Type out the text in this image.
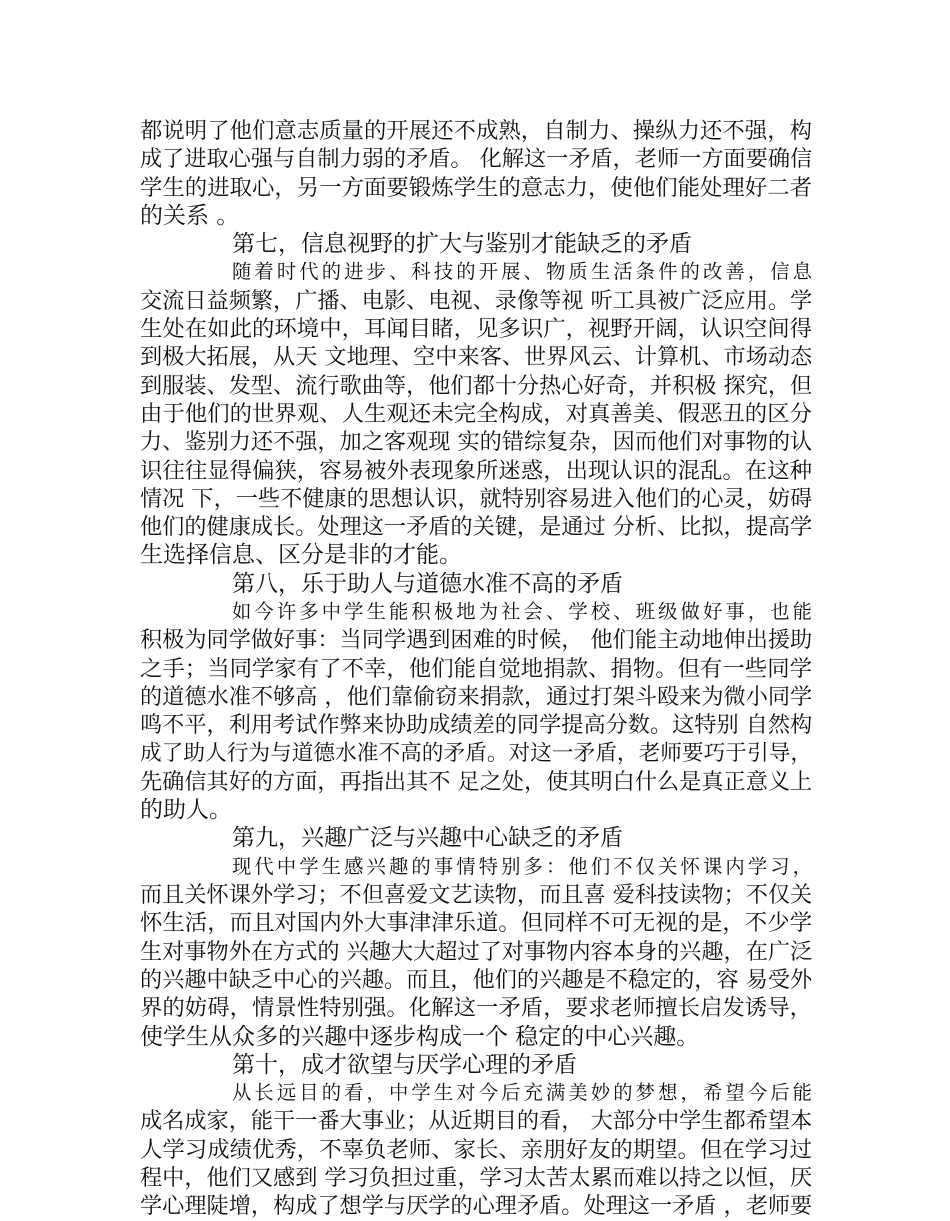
都说明了他们意志质量的开展还不成熟，自制力、操纵力还不强，构
成了进取心强与自制力弱的矛盾。 化解这一矛盾，老师一方面要确信
学生的进取心，另一方面要锻炼学生的意志力，使他们能处理好二者
的关系 。
第七，信息视野的扩大与鉴别才能缺乏的矛盾
随着时代的进步、科技的开展、物质生活条件的改善，信息
交流日益频繁，广播、电影、电视、录像等视 听工具被广泛应用。学
生处在如此的环境中，耳闻目睹，见多识广，视野开阔，认识空间得
到极大拓展，从天 文地理、空中来客、世界风云、计算机、市场动态
到服装、发型、流行歌曲等，他们都十分热心好奇，并积极 探究，但
由于他们的世界观、人生观还未完全构成，对真善美、假恶丑的区分
力、鉴别力还不强，加之客观现 实的错综复杂，因而他们对事物的认
识往往显得偏狭，容易被外表现象所迷惑，出现认识的混乱。在这种
情况 下，一些不健康的思想认识，就特别容易进入他们的心灵，妨碍
他们的健康成长。处理这一矛盾的关键，是通过 分析、比拟，提高学
生选择信息、区分是非的才能。
第八，乐于助人与道德水准不高的矛盾
如今许多中学生能积极地为社会、学校、班级做好事，也能
积极为同学做好事：当同学遇到困难的时候， 他们能主动地伸出援助
之手；当同学家有了不幸，他们能自觉地捐款、捐物。但有一些同学
的道德水准不够高 ，他们靠偷窃来捐款，通过打架斗殴来为微小同学
鸣不平，利用考试作弊来协助成绩差的同学提高分数。这特别 自然构
成了助人行为与道德水准不高的矛盾。对这一矛盾，老师要巧于引导，
先确信其好的方面，再指出其不 足之处，使其明白什么是真正意义上
的助人。
第九，兴趣广泛与兴趣中心缺乏的矛盾
现代中学生感兴趣的事情特别多：他们不仅关怀课内学习，
而且关怀课外学习；不但喜爱文艺读物，而且喜 爱科技读物；不仅关
怀生活，而且对国内外大事津津乐道。但同样不可无视的是，不少学
生对事物外在方式的 兴趣大大超过了对事物内容本身的兴趣，在广泛
的兴趣中缺乏中心的兴趣。而且，他们的兴趣是不稳定的，容 易受外
界的妨碍，情景性特别强。化解这一矛盾，要求老师擅长启发诱导，
使学生从众多的兴趣中逐步构成一个 稳定的中心兴趣。
第十，成才欲望与厌学心理的矛盾
从长远目的看，中学生对今后充满美妙的梦想，希望今后能
成名成家，能干一番大事业；从近期目的看， 大部分中学生都希望本
人学习成绩优秀，不辜负老师、家长、亲朋好友的期望。但在学习过
程中，他们又感到 学习负担过重，学习太苦太累而难以持之以恒，厌
学心理陡增，构成了想学与厌学的心理矛盾。处理这一矛盾 ，老师要
